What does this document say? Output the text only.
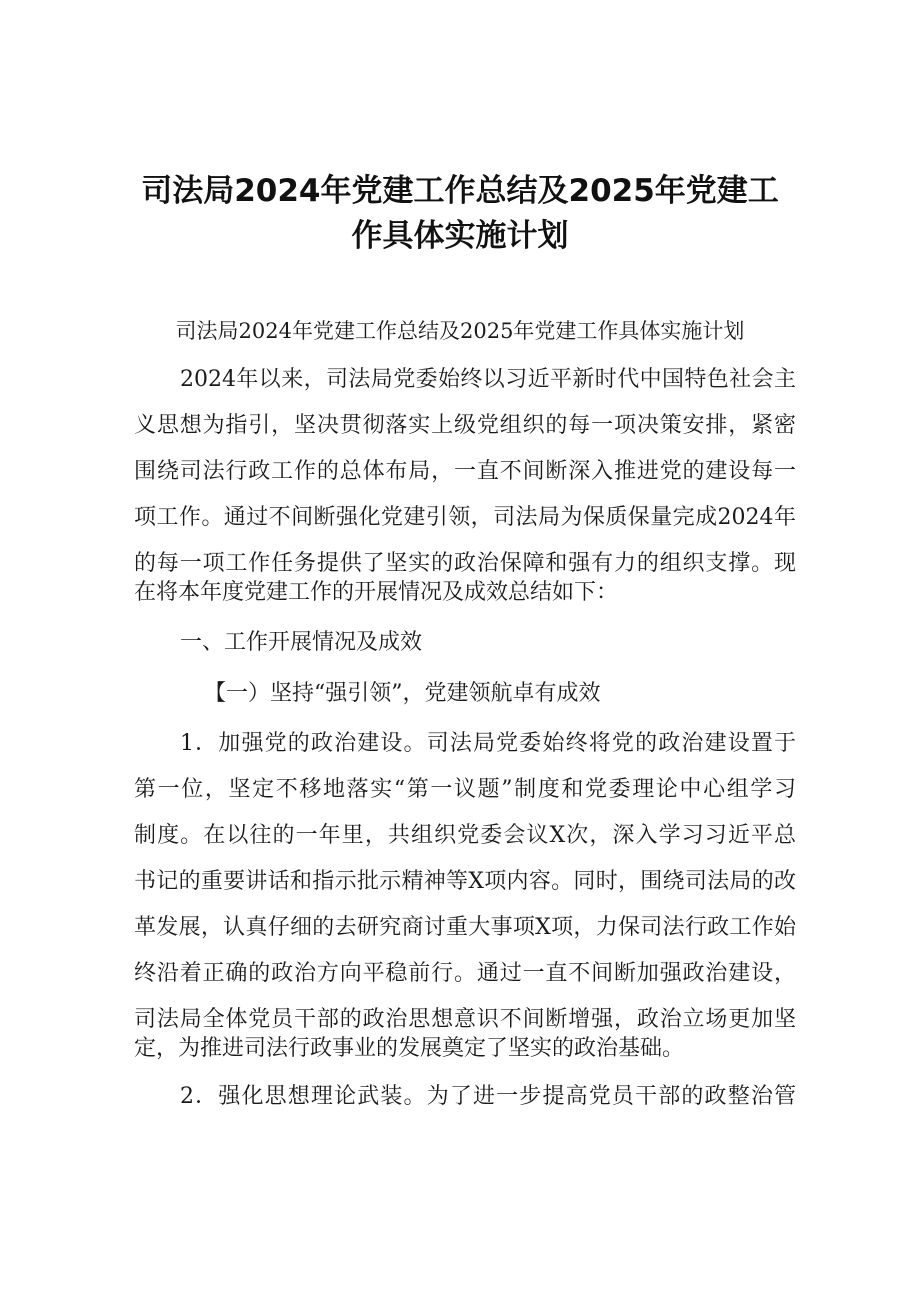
司法局2024年党建工作总结及2025年党建工
作具体实施计划
司法局2024年党建工作总结及2025年党建工作具体实施计划
2024年以来，司法局党委始终以习近平新时代中国特色社会主
义思想为指引，坚决贯彻落实上级党组织的每一项决策安排，紧密
围绕司法行政工作的总体布局，一直不间断深入推进党的建设每一
项工作。通过不间断强化党建引领，司法局为保质保量完成2024年
的每一项工作任务提供了坚实的政治保障和强有力的组织支撑。现
在将本年度党建工作的开展情况及成效总结如下：
一、工作开展情况及成效
【一）坚持“强引领”，党建领航卓有成效
1．加强党的政治建设。司法局党委始终将党的政治建设置于
第一位，坚定不移地落实“第一议题”制度和党委理论中心组学习
制度。在以往的一年里，共组织党委会议X次，深入学习习近平总
书记的重要讲话和指示批示精神等X项内容。同时，围绕司法局的改
革发展，认真仔细的去研究商讨重大事项X项，力保司法行政工作始
终沿着正确的政治方向平稳前行。通过一直不间断加强政治建设，
司法局全体党员干部的政治思想意识不间断增强，政治立场更加坚
定，为推进司法行政事业的发展奠定了坚实的政治基础。
2．强化思想理论武装。为了进一步提高党员干部的政整治管
